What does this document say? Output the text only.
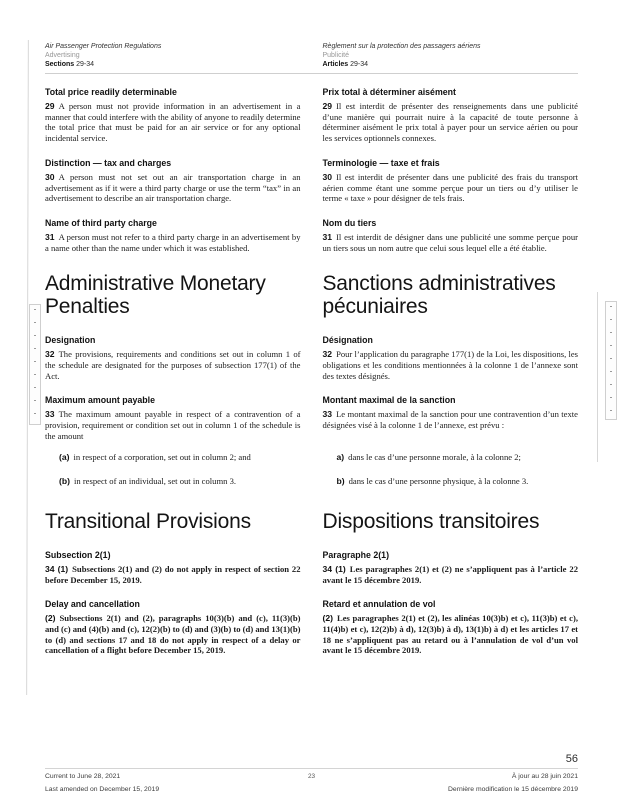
Air Passenger Protection Regulations
Advertising
Sections 29-34
Règlement sur la protection des passagers aériens
Publicité
Articles 29-34
Total price readily determinable	Prix total à déterminer aisément

29 A person must not provide information in an advertisement in a manner that could interfere with the ability of anyone to readily determine the total price that must be paid for an air service or for any optional incidental service.

29 Il est interdit de présenter des renseignements dans une publicité d’une manière qui pourrait nuire à la capacité de toute personne à déterminer aisément le prix total à payer pour un service aérien ou pour les services optionnels connexes.

Distinction — tax and charges	Terminologie — taxe et frais

30 A person must not set out an air transportation charge in an advertisement as if it were a third party charge or use the term “tax” in an advertisement to describe an air transportation charge.

30 Il est interdit de présenter dans une publicité des frais du transport aérien comme étant une somme perçue pour un tiers ou d’y utiliser le terme « taxe » pour désigner de tels frais.

Name of third party charge	Nom du tiers

31 A person must not refer to a third party charge in an advertisement by a name other than the name under which it was established.

31 Il est interdit de désigner dans une publicité une somme perçue pour un tiers sous un nom autre que celui sous lequel elle a été établie.

Administrative Monetary Penalties
Sanctions administratives pécuniaires
Designation	Désignation

32 The provisions, requirements and conditions set out in column 1 of the schedule are designated for the purposes of subsection 177(1) of the Act.

32 Pour l’application du paragraphe 177(1) de la Loi, les dispositions, les obligations et les conditions mentionnées à la colonne 1 de l’annexe sont des textes désignés.

Maximum amount payable	Montant maximal de la sanction

33 The maximum amount payable in respect of a contravention of a provision, requirement or condition set out in column 1 of the schedule is the amount

33 Le montant maximal de la sanction pour une contravention d’un texte désignées visé à la colonne 1 de l’annexe, est prévu :

(a) in respect of a corporation, set out in column 2; and	a) dans le cas d’une personne morale, à la colonne 2;

(b) in respect of an individual, set out in column 3.	b) dans le cas d’une personne physique, à la colonne 3.

Transitional Provisions	Dispositions transitoires
Subsection 2(1)	Paragraphe 2(1)

34 (1) Subsections 2(1) and (2) do not apply in respect of section 22 before December 15, 2019.

34 (1) Les paragraphes 2(1) et (2) ne s’appliquent pas à l’article 22 avant le 15 décembre 2019.

Delay and cancellation	Retard et annulation de vol

(2) Subsections 2(1) and (2), paragraphs 10(3)(b) and (c), 11(3)(b) and (c) and (4)(b) and (c), 12(2)(b) to (d) and (3)(b) to (d) and 13(1)(b) to (d) and sections 17 and 18 do not apply in respect of a delay or cancellation of a flight before December 15, 2019.

(2) Les paragraphes 2(1) et (2), les alinéas 10(3)b) et c), 11(3)b) et c), 11(4)b) et c), 12(2)b) à d), 12(3)b) à d), 13(1)b) à d) et les articles 17 et 18 ne s’appliquent pas au retard ou à l’annulation de vol d’un vol avant le 15 décembre 2019.

56
Current to June 28, 2021	23	À jour au 28 juin 2021
Last amended on December 15, 2019	Dernière modification le 15 décembre 2019
